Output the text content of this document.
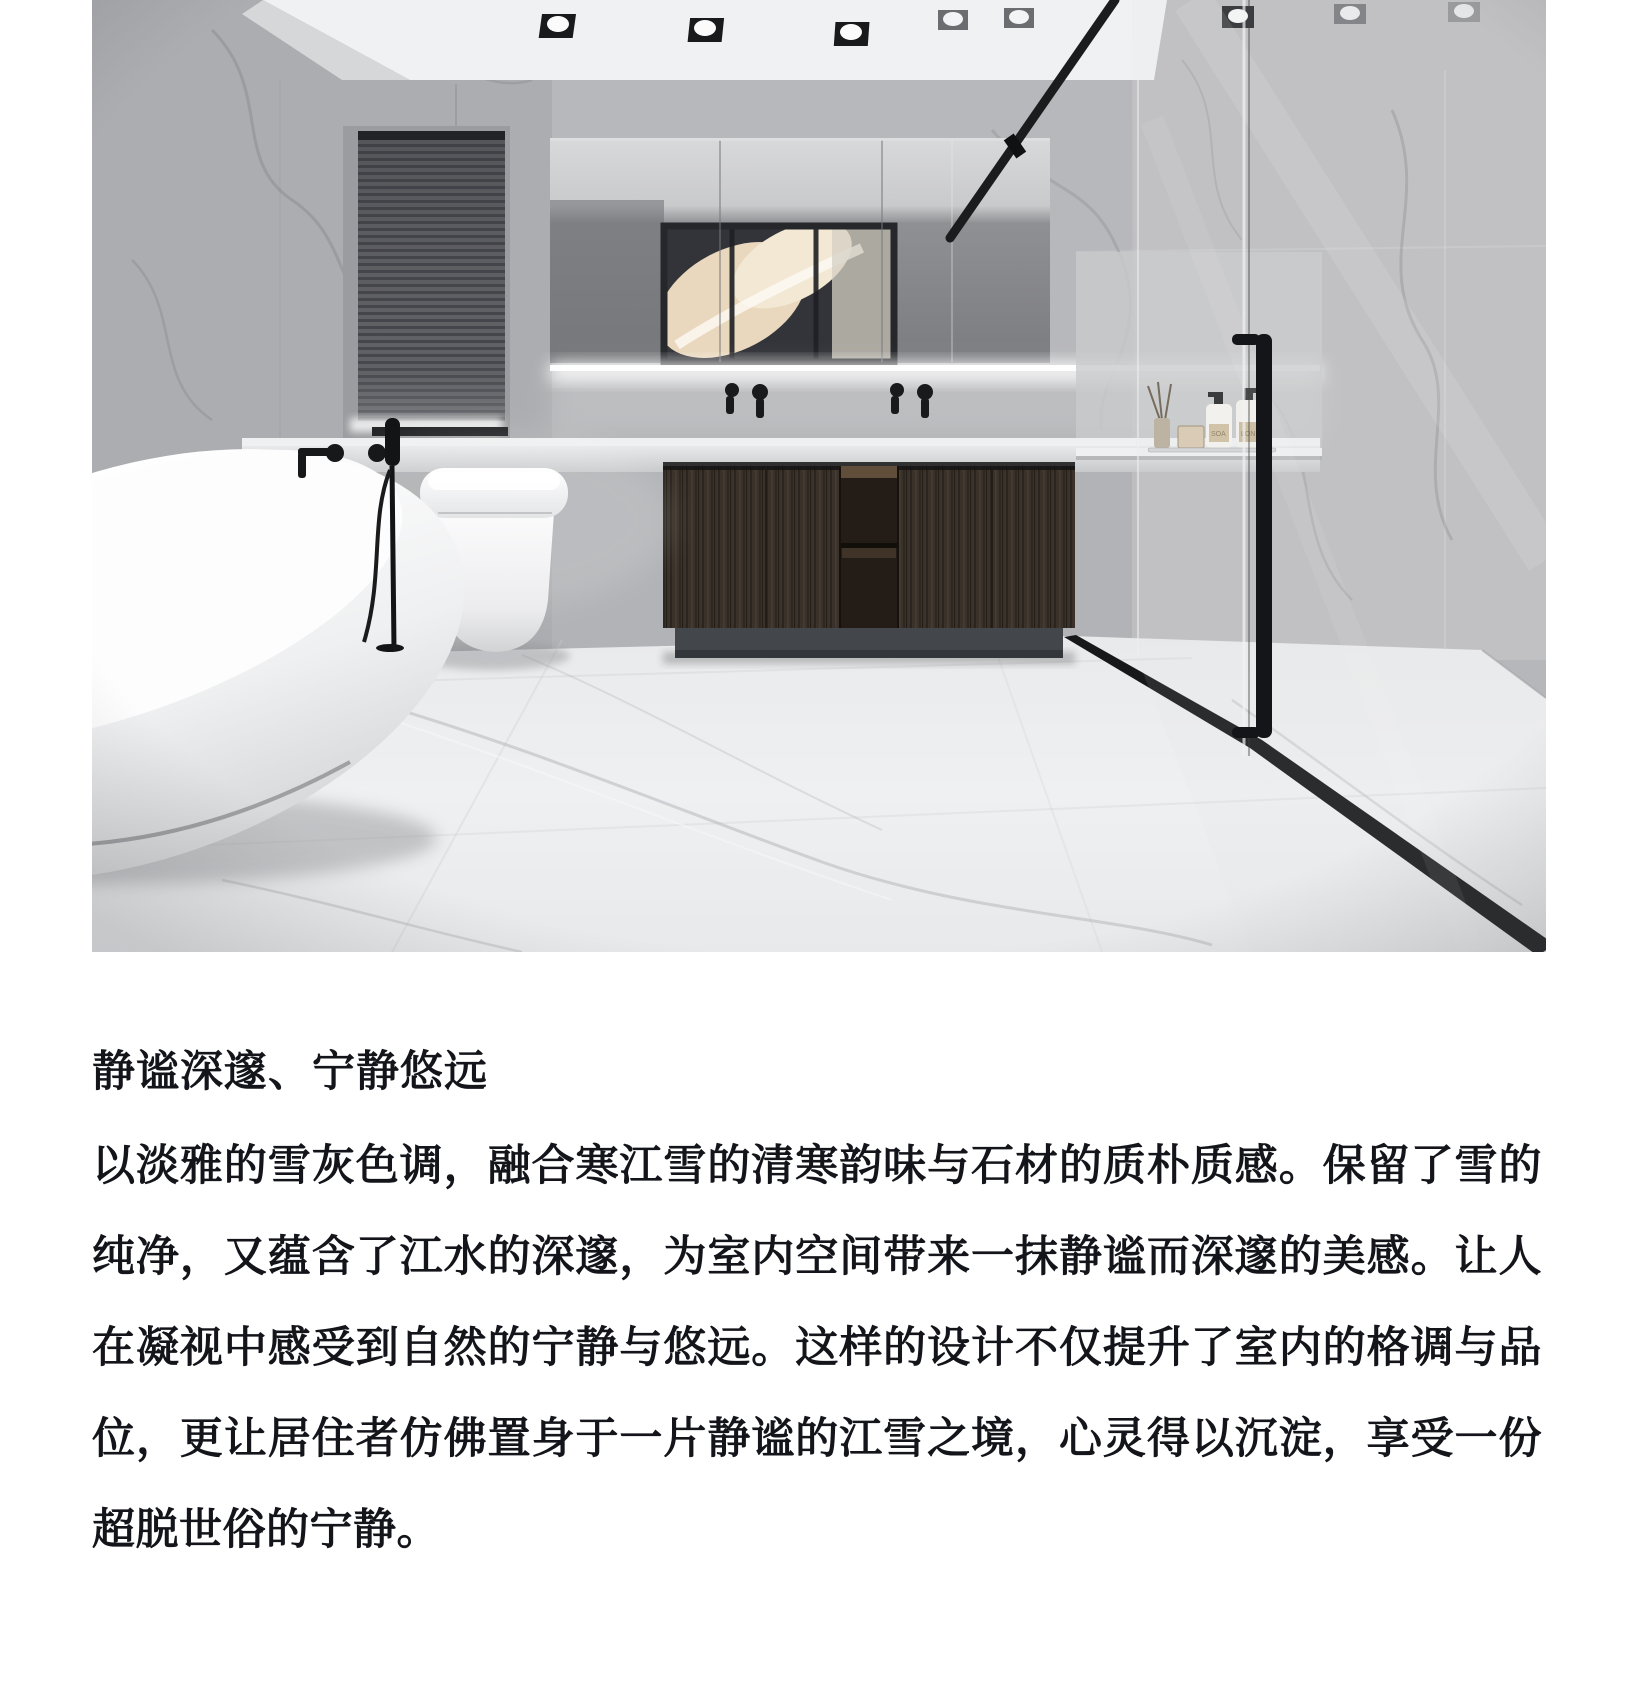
静谧深邃、宁静悠远

以淡雅的雪灰色调，融合寒江雪的清寒韵味与石材的质朴质感。保留了雪的纯净，又蕴含了江水的深邃，为室内空间带来一抹静谧而深邃的美感。让人在凝视中感受到自然的宁静与悠远。这样的设计不仅提升了室内的格调与品位，更让居住者仿佛置身于一片静谧的江雪之境，心灵得以沉淀，享受一份超脱世俗的宁静。
